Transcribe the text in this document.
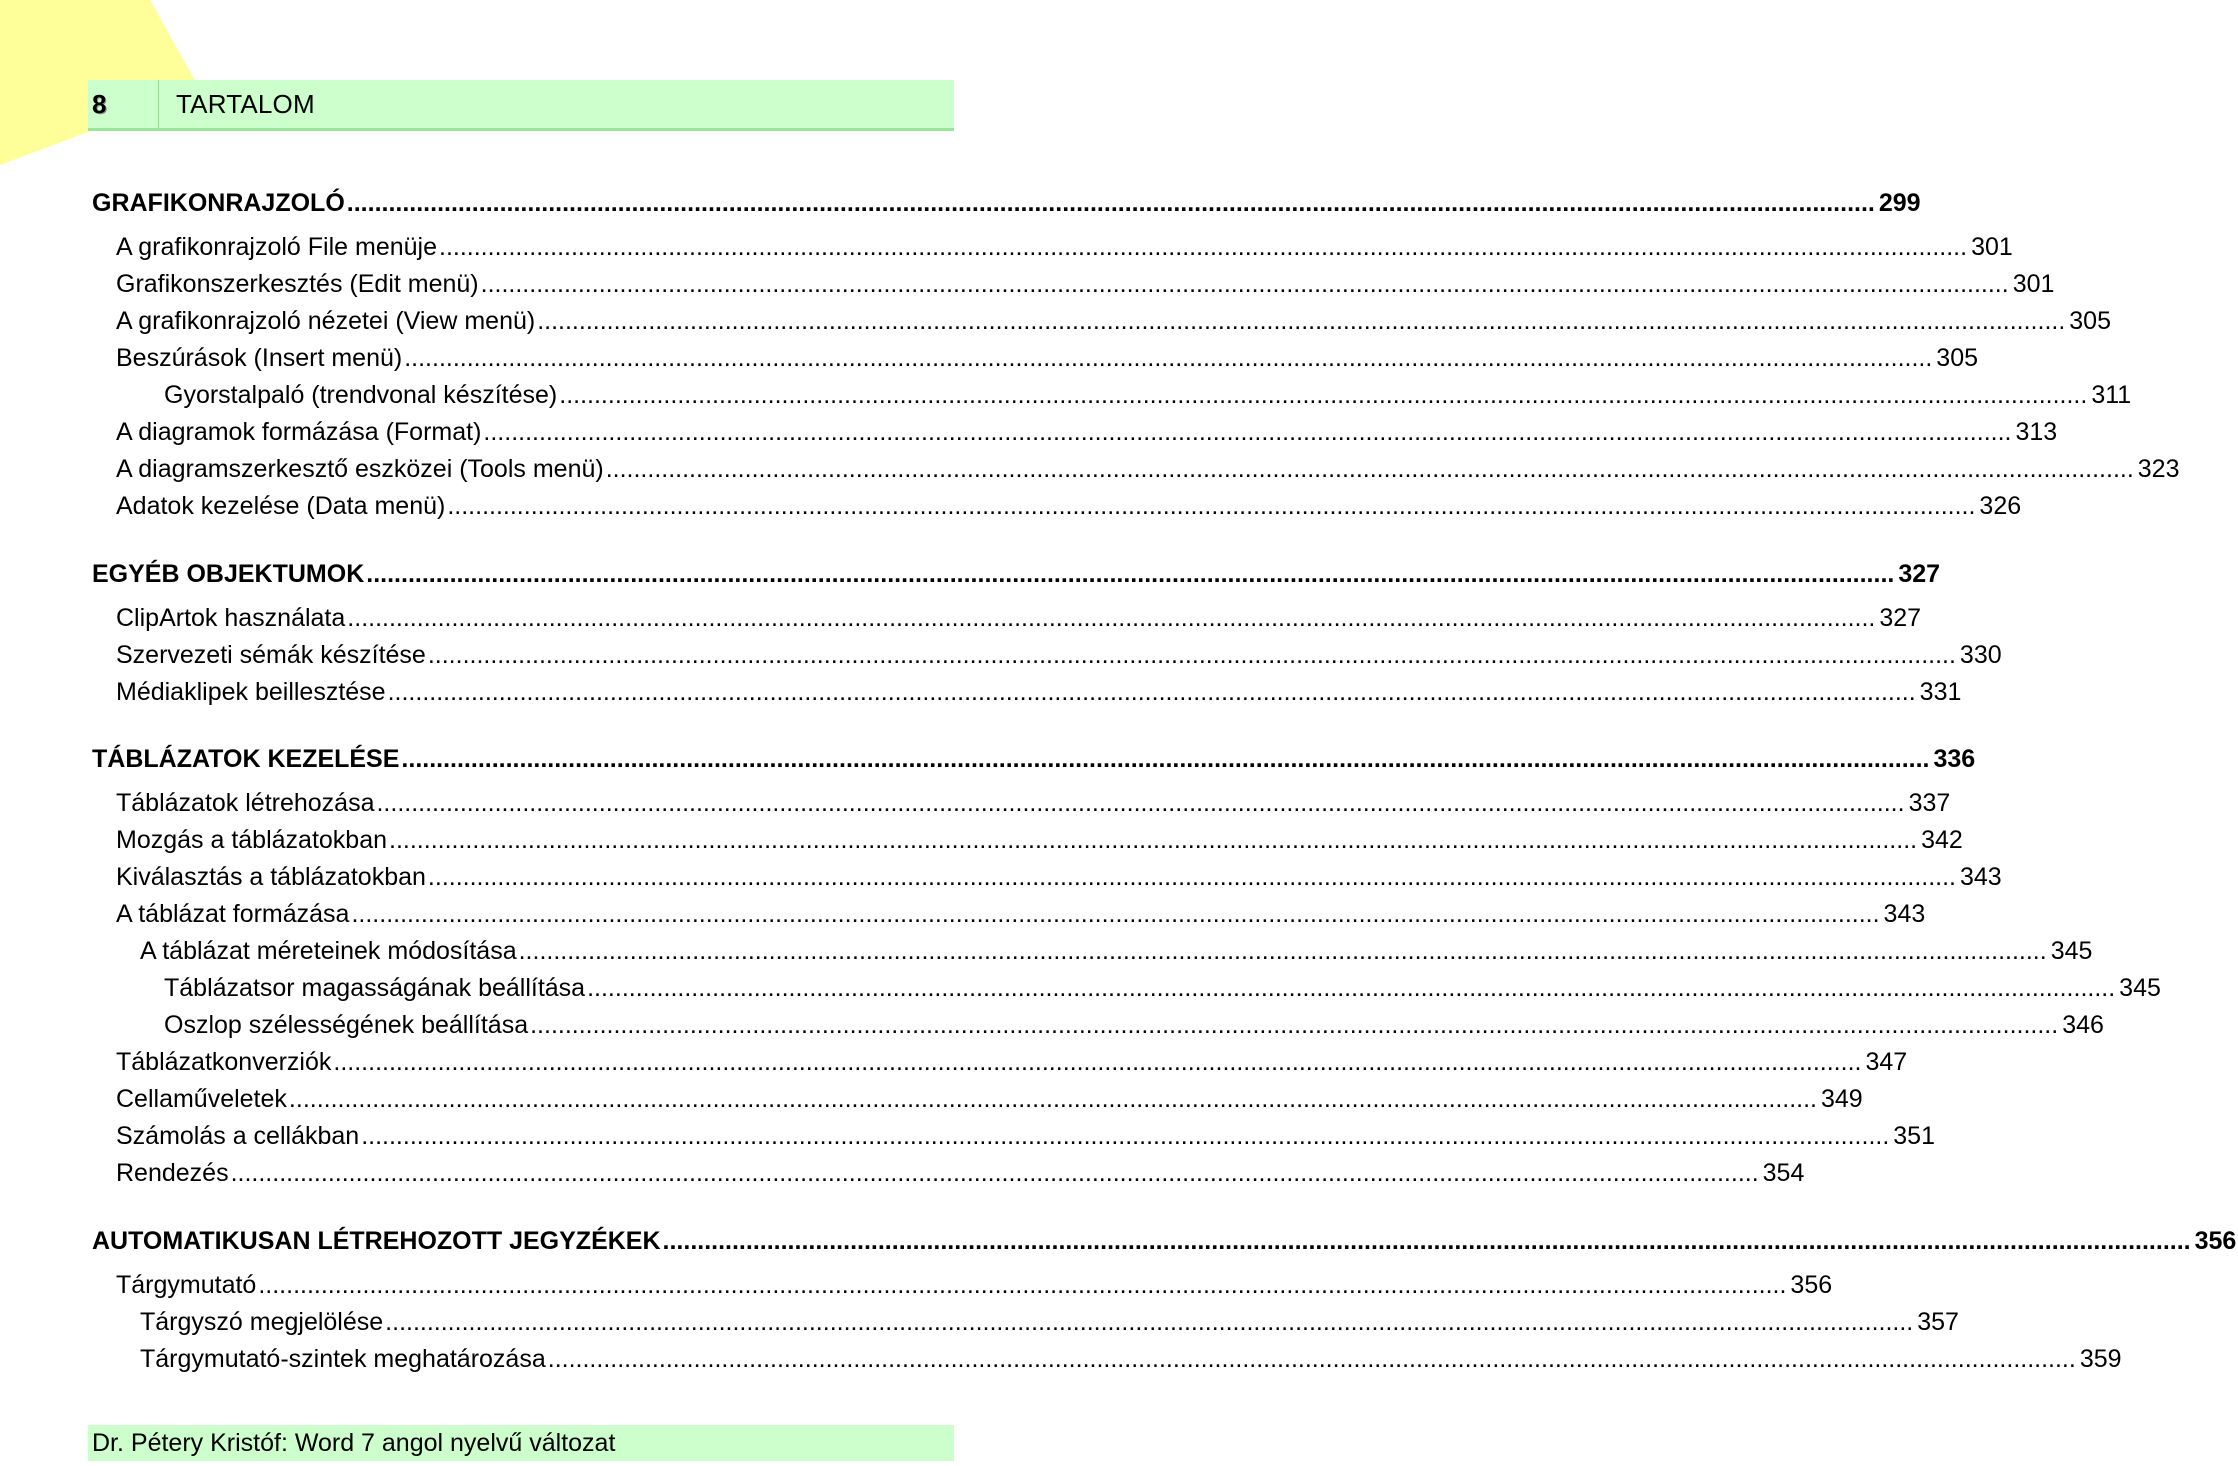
8	TARTALOM
GRAFIKONRAJZOLÓ ............................................................................................................................................................................................................................ 299
A grafikonrajzoló File menüje ............................................................................................................................................................................................................................ 301
Grafikonszerkesztés (Edit menü) ............................................................................................................................................................................................................................ 301
A grafikonrajzoló nézetei (View menü) ............................................................................................................................................................................................................................ 305
Beszúrások (Insert menü) ............................................................................................................................................................................................................................ 305
Gyorstalpaló (trendvonal készítése) ............................................................................................................................................................................................................................ 311
A diagramok formázása (Format) ............................................................................................................................................................................................................................ 313
A diagramszerkesztő eszközei (Tools menü) ............................................................................................................................................................................................................................ 323
Adatok kezelése (Data menü) ............................................................................................................................................................................................................................ 326
EGYÉB OBJEKTUMOK ............................................................................................................................................................................................................................ 327
ClipArtok használata ............................................................................................................................................................................................................................ 327
Szervezeti sémák készítése ............................................................................................................................................................................................................................ 330
Médiaklipek beillesztése ............................................................................................................................................................................................................................ 331
TÁBLÁZATOK KEZELÉSE ............................................................................................................................................................................................................................ 336
Táblázatok létrehozása ............................................................................................................................................................................................................................ 337
Mozgás a táblázatokban ............................................................................................................................................................................................................................ 342
Kiválasztás a táblázatokban ............................................................................................................................................................................................................................ 343
A táblázat formázása ............................................................................................................................................................................................................................ 343
A táblázat méreteinek módosítása ............................................................................................................................................................................................................................ 345
Táblázatsor magasságának beállítása ............................................................................................................................................................................................................................ 345
Oszlop szélességének beállítása ............................................................................................................................................................................................................................ 346
Táblázatkonverziók ............................................................................................................................................................................................................................ 347
Cellaműveletek ............................................................................................................................................................................................................................ 349
Számolás a cellákban ............................................................................................................................................................................................................................ 351
Rendezés ............................................................................................................................................................................................................................ 354
AUTOMATIKUSAN LÉTREHOZOTT JEGYZÉKEK ............................................................................................................................................................................................................................ 356
Tárgymutató ............................................................................................................................................................................................................................ 356
Tárgyszó megjelölése ............................................................................................................................................................................................................................ 357
Tárgymutató-szintek meghatározása ............................................................................................................................................................................................................................ 359
Dr. Pétery Kristóf: Word 7 angol nyelvű változat
